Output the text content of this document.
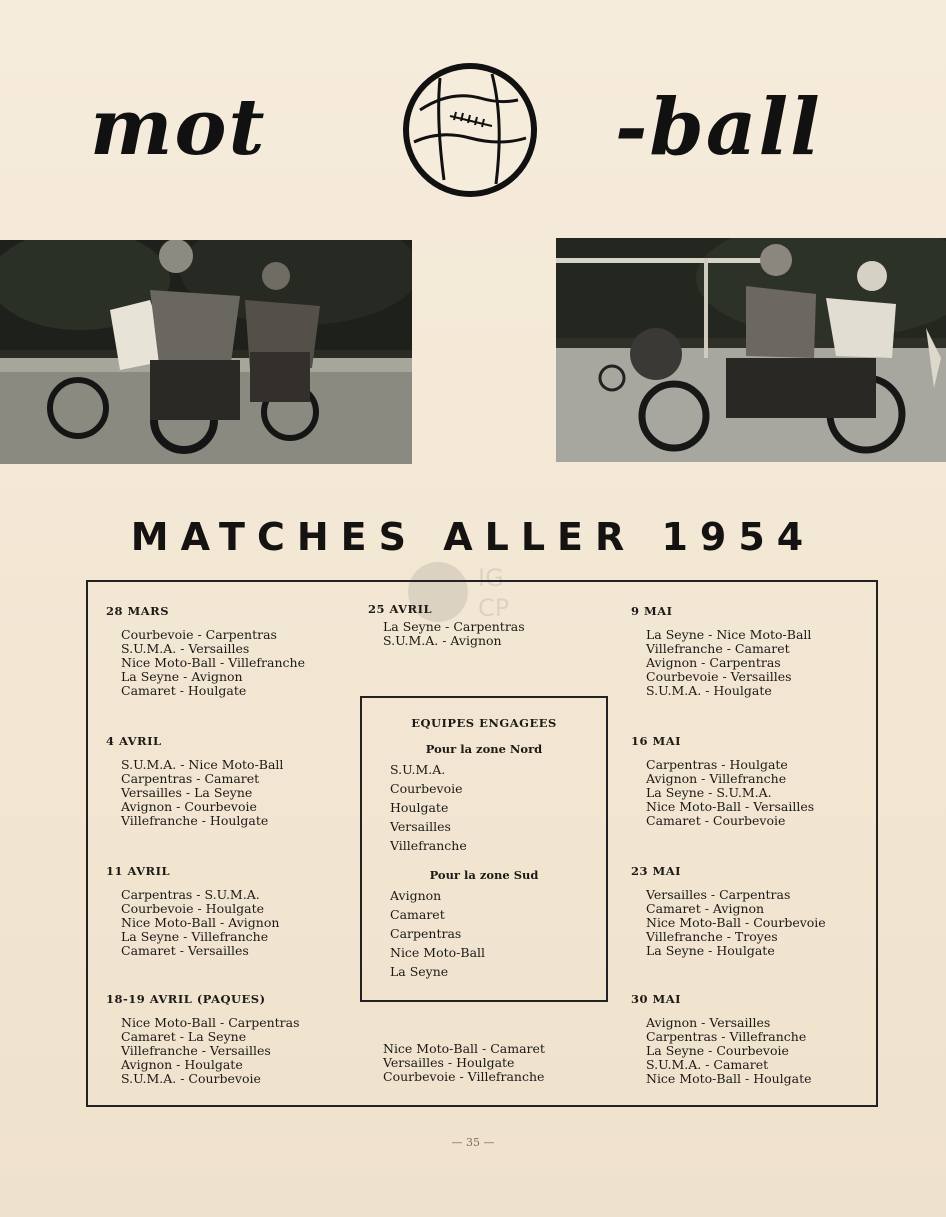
mot	-ball
MATCHES ALLER 1954
IG
CP
28 MARS
Courbevoie - Carpentras
S.U.M.A. - Versailles
Nice Moto-Ball - Villefranche
La Seyne - Avignon
Camaret - Houlgate
25 AVRIL
La Seyne - Carpentras
S.U.M.A. - Avignon
9 MAI
La Seyne - Nice Moto-Ball
Villefranche - Camaret
Avignon - Carpentras
Courbevoie - Versailles
S.U.M.A. - Houlgate
4 AVRIL
S.U.M.A. - Nice Moto-Ball
Carpentras - Camaret
Versailles - La Seyne
Avignon - Courbevoie
Villefranche - Houlgate
16 MAI
Carpentras - Houlgate
Avignon - Villefranche
La Seyne - S.U.M.A.
Nice Moto-Ball - Versailles
Camaret - Courbevoie
11 AVRIL
Carpentras - S.U.M.A.
Courbevoie - Houlgate
Nice Moto-Ball - Avignon
La Seyne - Villefranche
Camaret - Versailles
23 MAI
Versailles - Carpentras
Camaret - Avignon
Nice Moto-Ball - Courbevoie
Villefranche - Troyes
La Seyne - Houlgate
18-19 AVRIL (PAQUES)
Nice Moto-Ball - Carpentras
Camaret - La Seyne
Villefranche - Versailles
Avignon - Houlgate
S.U.M.A. - Courbevoie
Nice Moto-Ball - Camaret
Versailles - Houlgate
Courbevoie - Villefranche
30 MAI
Avignon - Versailles
Carpentras - Villefranche
La Seyne - Courbevoie
S.U.M.A. - Camaret
Nice Moto-Ball - Houlgate
EQUIPES ENGAGEES
Pour la zone Nord
S.U.M.A.
Courbevoie
Houlgate
Versailles
Villefranche
Pour la zone Sud
Avignon
Camaret
Carpentras
Nice Moto-Ball
La Seyne
— 35 —
